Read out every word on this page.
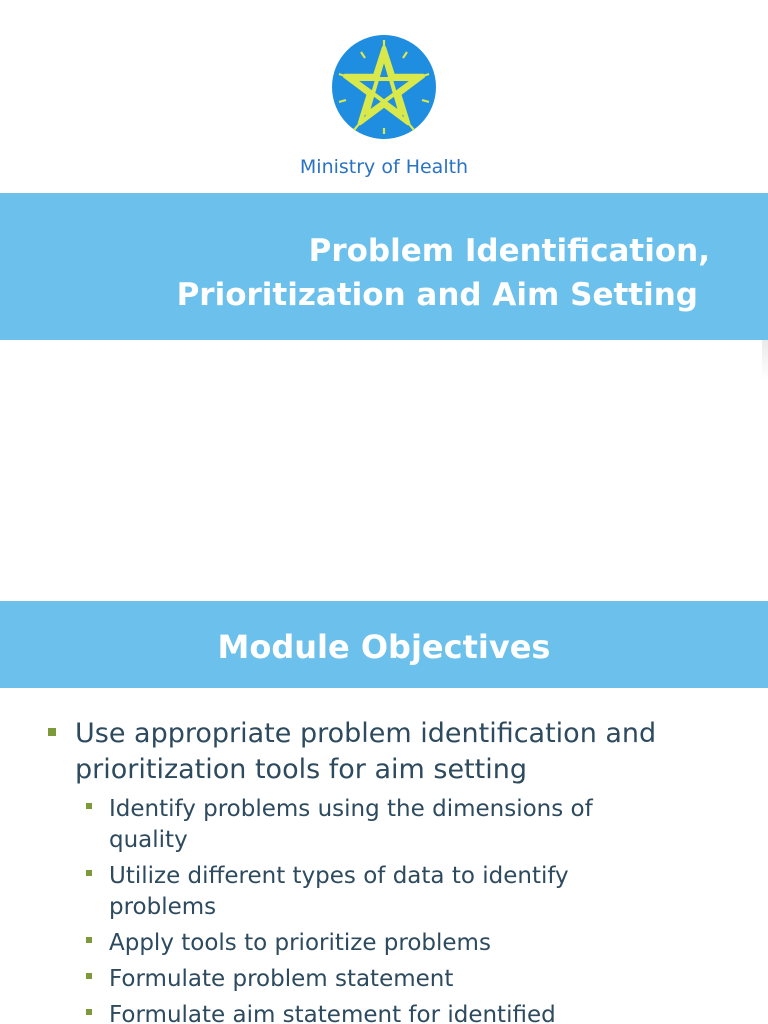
Ministry of Health
Problem Identification,
Prioritization and Aim Setting
Module Objectives
Use appropriate problem identification and prioritization tools for aim setting
Identify problems using the dimensions of quality
Utilize different types of data to identify problems
Apply tools to prioritize problems
Formulate problem statement
Formulate aim statement for identified
